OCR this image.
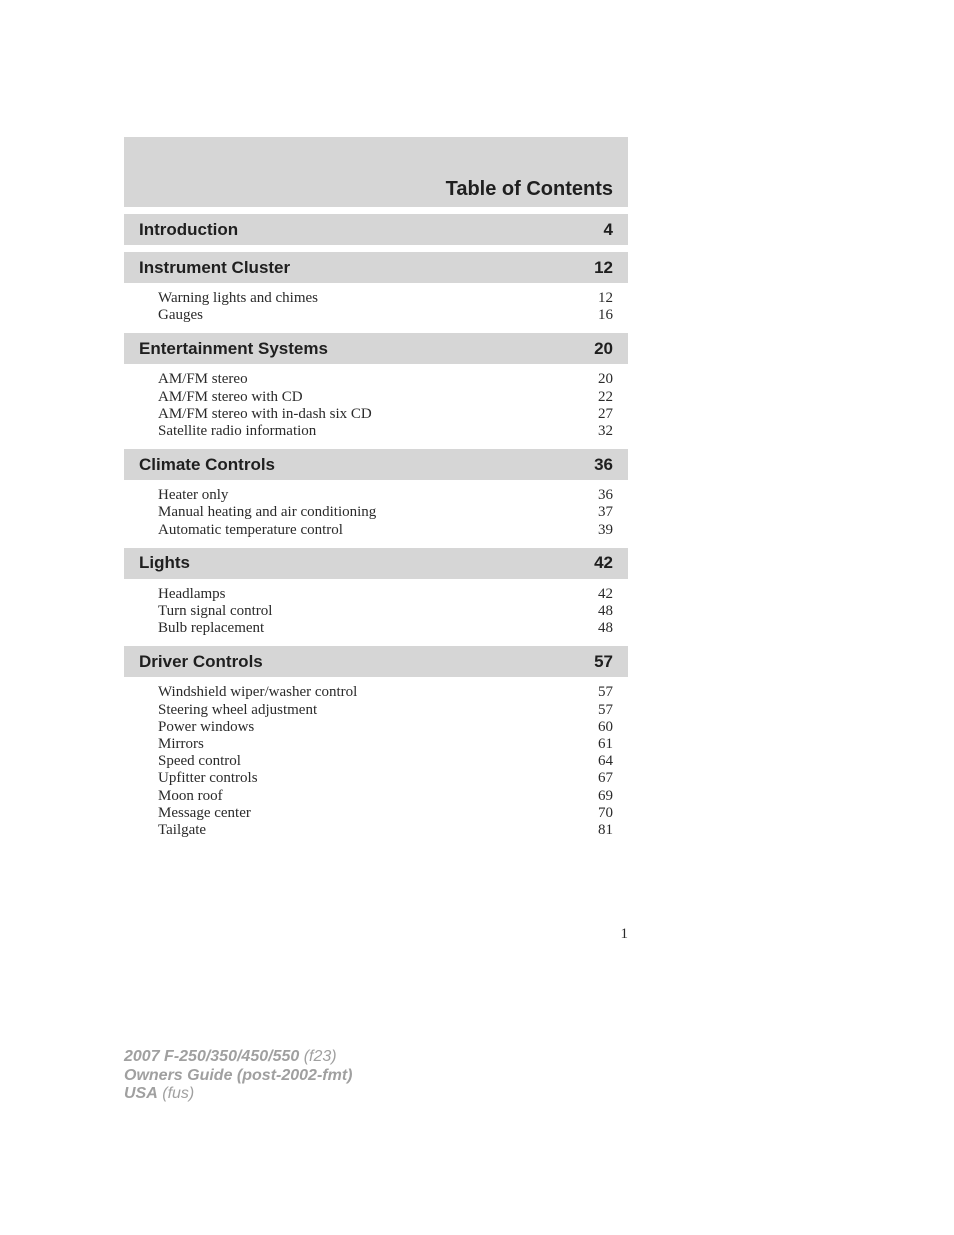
Table of Contents
Introduction	4
Instrument Cluster	12
Warning lights and chimes	12
Gauges	16
Entertainment Systems	20
AM/FM stereo	20
AM/FM stereo with CD	22
AM/FM stereo with in-dash six CD	27
Satellite radio information	32
Climate Controls	36
Heater only	36
Manual heating and air conditioning	37
Automatic temperature control	39
Lights	42
Headlamps	42
Turn signal control	48
Bulb replacement	48
Driver Controls	57
Windshield wiper/washer control	57
Steering wheel adjustment	57
Power windows	60
Mirrors	61
Speed control	64
Upfitter controls	67
Moon roof	69
Message center	70
Tailgate	81
1
2007 F-250/350/450/550 (f23)
Owners Guide (post-2002-fmt)
USA (fus)
